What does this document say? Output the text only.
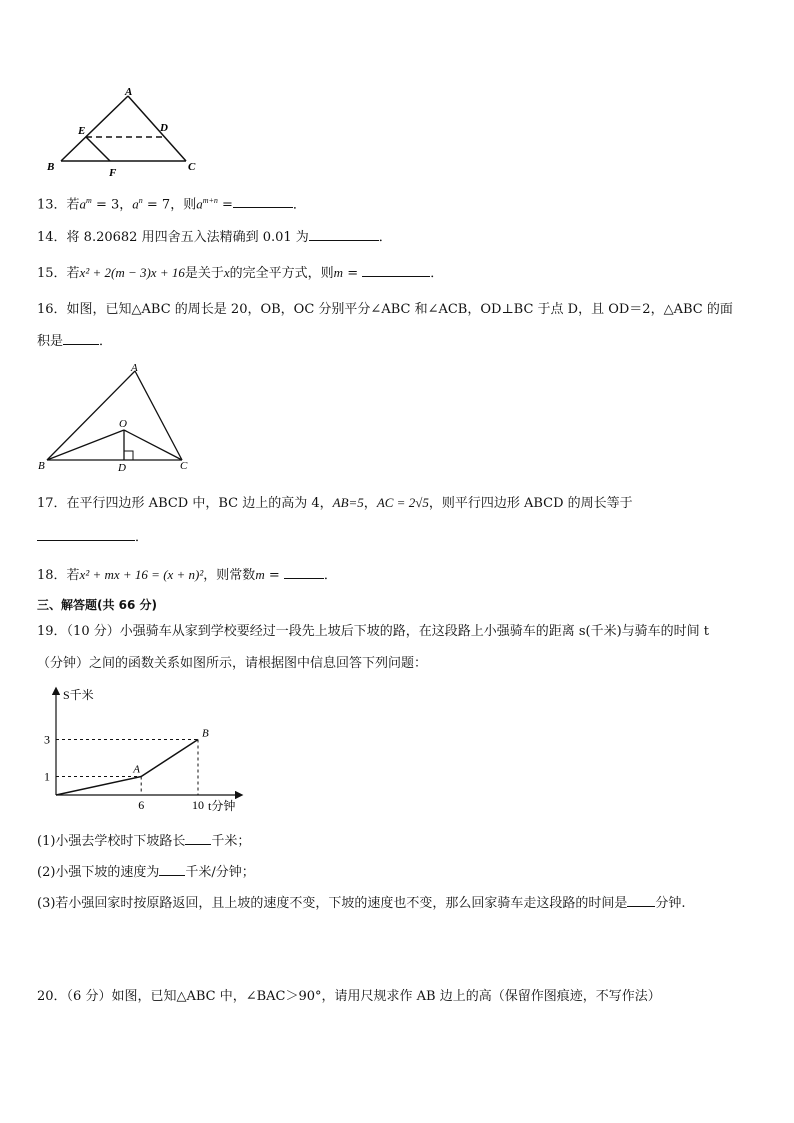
A
E	D
B	F	C
13．若$a^m = 3$，$a^n = 7$，则$a^{m+n}$ =	．
14．将 8.20682 用四舍五入法精确到 0.01 为	．
15．若x² + 2(m − 3)x + 16是关于x的完全平方式，则m =	．
16．如图，已知△ABC 的周长是 20，OB，OC 分别平分∠ABC 和∠ACB，OD⊥BC 于点 D，且 OD＝2，△ABC 的面
积是	．
A
O
B	D	C
17．在平行四边形 ABCD 中，BC 边上的高为 4，AB=5，AC = 2√5，则平行四边形 ABCD 的周长等于
．
18．若x² + mx + 16 = (x + n)²，则常数m =	．
三、解答题(共 66 分)
19．（10 分）小强骑车从家到学校要经过一段先上坡后下坡的路，在这段路上小强骑车的距离 s(千米)与骑车的时间 t
（分钟）之间的函数关系如图所示，请根据图中信息回答下列问题：
S千米
t分钟
1
3
6	10
A
B
(1)小强去学校时下坡路长 千米；
(2)小强下坡的速度为 千米/分钟；
(3)若小强回家时按原路返回，且上坡的速度不变，下坡的速度也不变，那么回家骑车走这段路的时间是 分钟.
20．（6 分）如图，已知△ABC 中，∠BAC＞90°，请用尺规求作 AB 边上的高（保留作图痕迹，不写作法）
